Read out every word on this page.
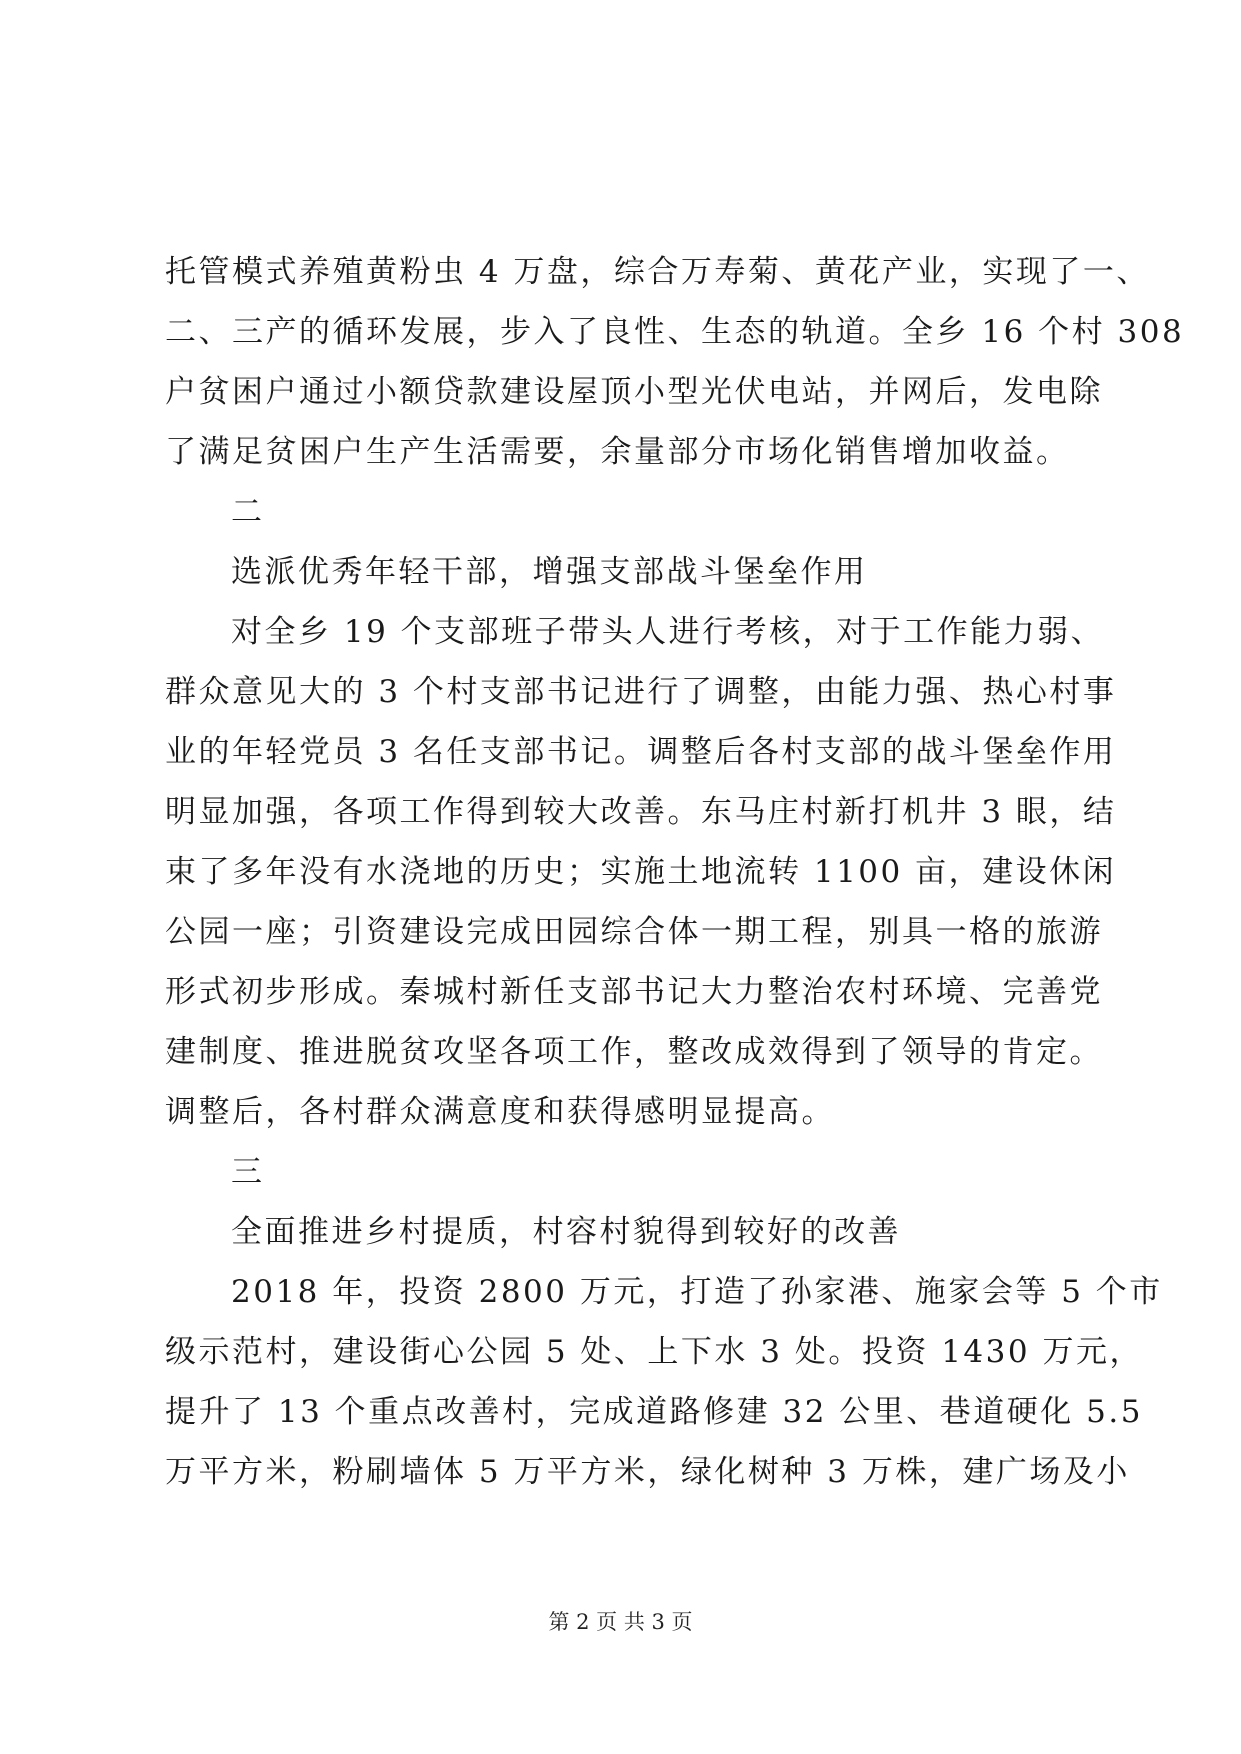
托管模式养殖黄粉虫 4 万盘，综合万寿菊、黄花产业，实现了一、
二、三产的循环发展，步入了良性、生态的轨道。全乡 16 个村 308
户贫困户通过小额贷款建设屋顶小型光伏电站，并网后，发电除
了满足贫困户生产生活需要，余量部分市场化销售增加收益。
二
选派优秀年轻干部，增强支部战斗堡垒作用
对全乡 19 个支部班子带头人进行考核，对于工作能力弱、
群众意见大的 3 个村支部书记进行了调整，由能力强、热心村事
业的年轻党员 3 名任支部书记。调整后各村支部的战斗堡垒作用
明显加强，各项工作得到较大改善。东马庄村新打机井 3 眼，结
束了多年没有水浇地的历史；实施土地流转 1100 亩，建设休闲
公园一座；引资建设完成田园综合体一期工程，别具一格的旅游
形式初步形成。秦城村新任支部书记大力整治农村环境、完善党
建制度、推进脱贫攻坚各项工作，整改成效得到了领导的肯定。
调整后，各村群众满意度和获得感明显提高。
三
全面推进乡村提质，村容村貌得到较好的改善
2018 年，投资 2800 万元，打造了孙家港、施家会等 5 个市
级示范村，建设街心公园 5 处、上下水 3 处。投资 1430 万元，
提升了 13 个重点改善村，完成道路修建 32 公里、巷道硬化 5.5
万平方米，粉刷墙体 5 万平方米，绿化树种 3 万株，建广场及小
第 2 页 共 3 页
